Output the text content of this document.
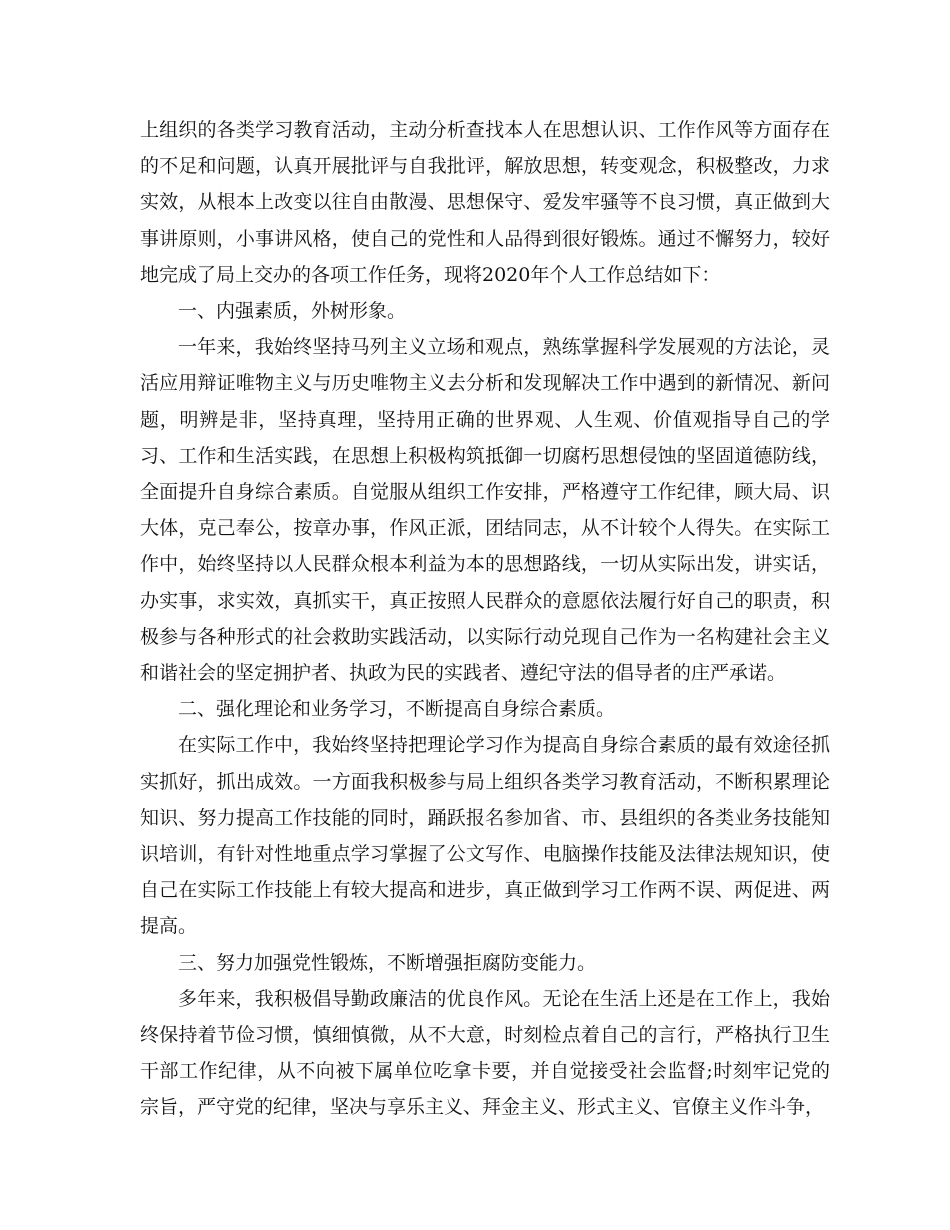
上组织的各类学习教育活动，主动分析查找本人在思想认识、工作作风等方面存在的不足和问题，认真开展批评与自我批评，解放思想，转变观念，积极整改，力求实效，从根本上改变以往自由散漫、思想保守、爱发牢骚等不良习惯，真正做到大事讲原则，小事讲风格，使自己的党性和人品得到很好锻炼。通过不懈努力，较好地完成了局上交办的各项工作任务，现将2020年个人工作总结如下：

一、内强素质，外树形象。

一年来，我始终坚持马列主义立场和观点，熟练掌握科学发展观的方法论，灵活应用辩证唯物主义与历史唯物主义去分析和发现解决工作中遇到的新情况、新问题，明辨是非，坚持真理，坚持用正确的世界观、人生观、价值观指导自己的学习、工作和生活实践，在思想上积极构筑抵御一切腐朽思想侵蚀的坚固道德防线，全面提升自身综合素质。自觉服从组织工作安排，严格遵守工作纪律，顾大局、识大体，克己奉公，按章办事，作风正派，团结同志，从不计较个人得失。在实际工作中，始终坚持以人民群众根本利益为本的思想路线，一切从实际出发，讲实话，办实事，求实效，真抓实干，真正按照人民群众的意愿依法履行好自己的职责，积极参与各种形式的社会救助实践活动，以实际行动兑现自己作为一名构建社会主义和谐社会的坚定拥护者、执政为民的实践者、遵纪守法的倡导者的庄严承诺。

二、强化理论和业务学习，不断提高自身综合素质。

在实际工作中，我始终坚持把理论学习作为提高自身综合素质的最有效途径抓实抓好，抓出成效。一方面我积极参与局上组织各类学习教育活动，不断积累理论知识、努力提高工作技能的同时，踊跃报名参加省、市、县组织的各类业务技能知识培训，有针对性地重点学习掌握了公文写作、电脑操作技能及法律法规知识，使自己在实际工作技能上有较大提高和进步，真正做到学习工作两不误、两促进、两提高。

三、努力加强党性锻炼，不断增强拒腐防变能力。

多年来，我积极倡导勤政廉洁的优良作风。无论在生活上还是在工作上，我始终保持着节俭习惯，慎细慎微，从不大意，时刻检点着自己的言行，严格执行卫生干部工作纪律，从不向被下属单位吃拿卡要，并自觉接受社会监督;时刻牢记党的宗旨，严守党的纪律，坚决与享乐主义、拜金主义、形式主义、官僚主义作斗争，
